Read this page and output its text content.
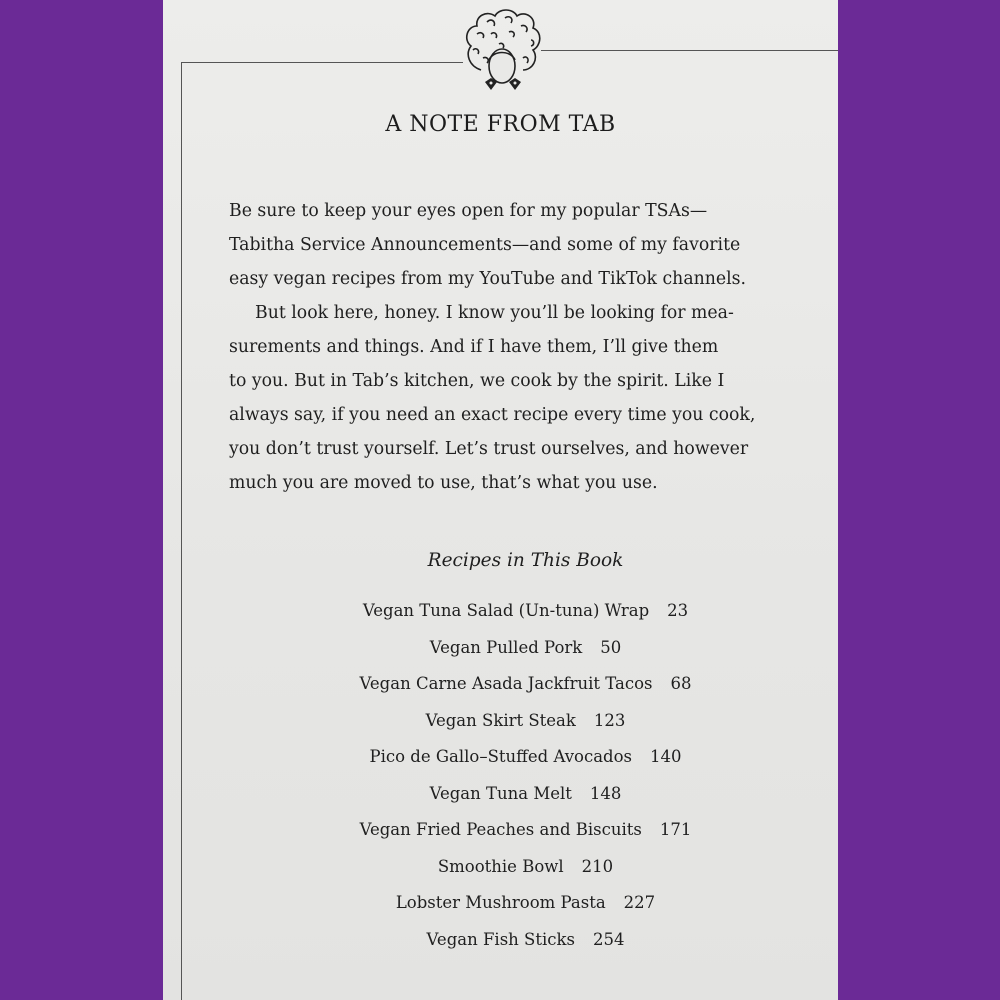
A NOTE FROM TAB

Be sure to keep your eyes open for my popular TSAs—
Tabitha Service Announcements—and some of my favorite
easy vegan recipes from my YouTube and TikTok channels.

But look here, honey. I know you’ll be looking for mea-
surements and things. And if I have them, I’ll give them
to you. But in Tab’s kitchen, we cook by the spirit. Like I
always say, if you need an exact recipe every time you cook,
you don’t trust yourself. Let’s trust ourselves, and however
much you are moved to use, that’s what you use.

Recipes in This Book
Vegan Tuna Salad (Un-tuna) Wrap 23
Vegan Pulled Pork 50
Vegan Carne Asada Jackfruit Tacos 68
Vegan Skirt Steak 123
Pico de Gallo–Stuffed Avocados 140
Vegan Tuna Melt 148
Vegan Fried Peaches and Biscuits 171
Smoothie Bowl 210
Lobster Mushroom Pasta 227
Vegan Fish Sticks 254
